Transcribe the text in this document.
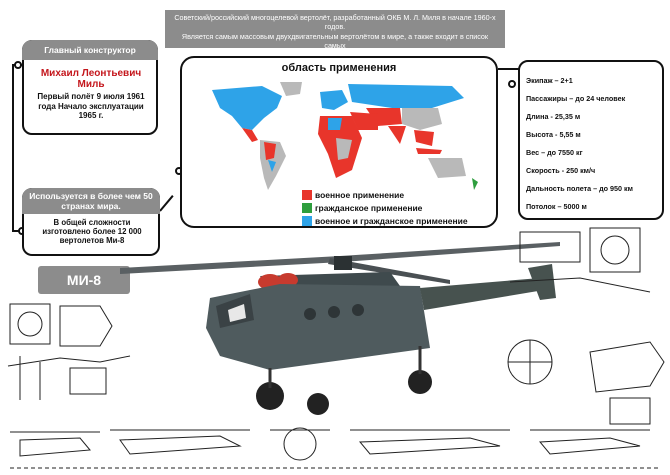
Советский/российский многоцелевой вертолёт, разработанный ОКБ М. Л. Миля в начале 1960-х годов.
Является самым массовым двухдвигательным вертолётом в мире, а также входит в список самых
Главный конструктор
Михаил Леонтьевич Миль
Первый полёт 9 июля 1961 года Начало эксплуатации 1965 г.
Используется в более чем 50 странах мира.
В общей сложности изготовлено более 12 000 вертолетов Ми-8
область применения
военное применение
гражданское применение
военное и гражданское применение
Экипаж – 2+1
Пассажиры – до 24 человек
Длина - 25,35 м
Высота - 5,55 м
Вес – до 7550 кг
Скорость - 250 км/ч
Дальность полета – до 950 км
Потолок – 5000 м
МИ-8
